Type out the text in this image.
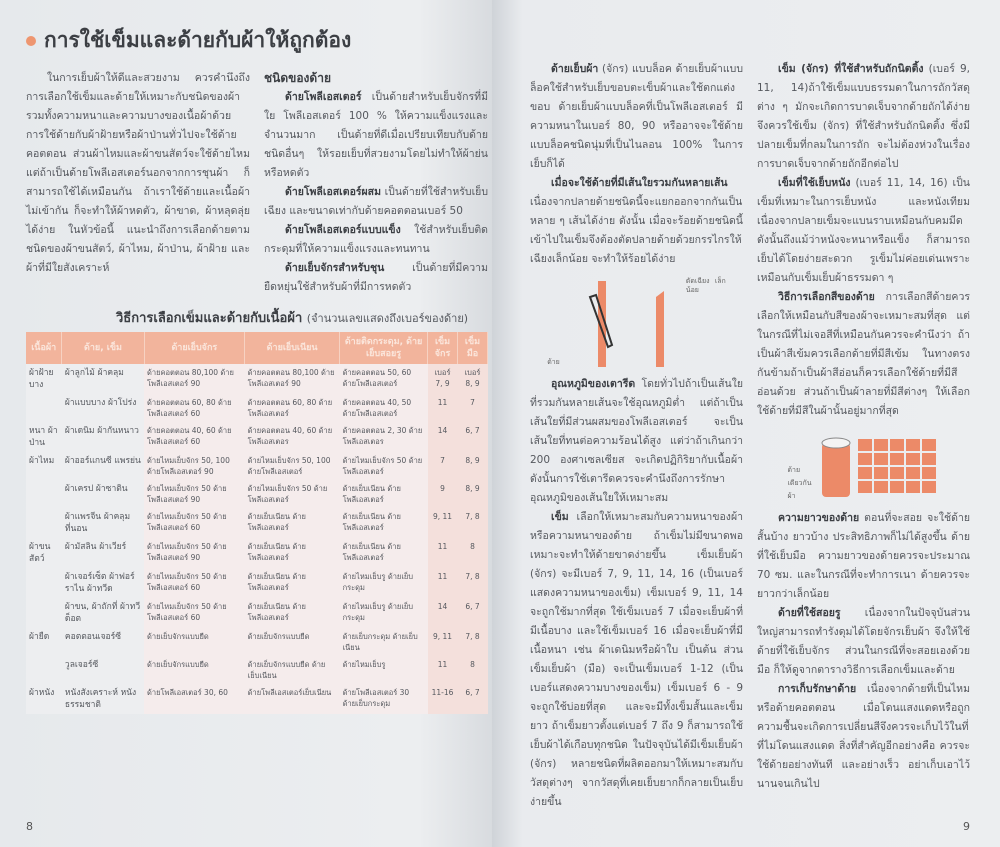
การใช้เข็มและด้ายกับผ้าให้ถูกต้อง

ในการเย็บผ้าให้ดีและสวยงาม ควรคำนึงถึงการเลือกใช้เข็มและด้ายให้เหมาะกับชนิดของผ้า รวมทั้งความหนาและความบางของเนื้อผ้าด้วย การใช้ด้ายกับผ้าฝ้ายหรือผ้าป่านทั่วไปจะใช้ด้ายคอตตอน ส่วนผ้าไหมและผ้าขนสัตว์จะใช้ด้ายไหม แต่ถ้าเป็นด้ายโพลีเอสเตอร์นอกจากการชุนผ้า ก็สามารถใช้ได้เหมือนกัน ถ้าเราใช้ด้ายและเนื้อผ้าไม่เข้ากัน ก็จะทำให้ผ้าหดตัว, ผ้าขาด, ผ้าหลุดลุ่ยได้ง่าย ในหัวข้อนี้ แนะนำถึงการเลือกด้ายตามชนิดของผ้าขนสัตว์, ผ้าไหม, ผ้าป่าน, ผ้าฝ้าย และผ้าที่มีใยสังเคราะห์

ชนิดของด้าย

ด้ายโพลีเอสเตอร์ เป็นด้ายสำหรับเย็บจักรที่มีใย โพลีเอสเตอร์ 100 % ให้ความแข็งแรงและจำนวนมาก เป็นด้ายที่ดีเมื่อเปรียบเทียบกับด้ายชนิดอื่นๆ ให้รอยเย็บที่สวยงามโดยไม่ทำให้ผ้าย่นหรือหดตัว

ด้ายโพลีเอสเตอร์ผสม เป็นด้ายที่ใช้สำหรับเย็บเฉียง และขนาดเท่ากับด้ายคอตตอนเบอร์ 50

ด้ายโพลีเอสเตอร์แบบแข็ง ใช้สำหรับเย็บติดกระดุมที่ให้ความแข็งแรงและทนทาน

ด้ายเย็บจักรสำหรับชุน เป็นด้ายที่มีความยืดหยุ่นใช้สำหรับผ้าที่มีการหดตัว

วิธีการเลือกเข็มและด้ายกับเนื้อผ้า (จำนวนเลขแสดงถึงเบอร์ของด้าย)
เนื้อผ้า	ด้าย, เข็ม	ด้ายเย็บจักร	ด้ายเย็บเนียน	ด้ายติดกระดุม, ด้ายเย็บสอยรู	เข็มจักร	เข็มมือ
ผ้าฝ้ายบาง	ผ้าลูกไม้ ผ้าคลุม	ด้ายคอตตอน 80,100 ด้ายโพลีเอสเตอร์ 90	ด้ายคอตตอน 80,100 ด้ายโพลีเอสเตอร์ 90	ด้ายคอตตอน 50, 60 ด้ายโพลีเอสเตอร์	เบอร์ 7, 9	เบอร์ 8, 9
	ผ้าแบบบาง ผ้าโปร่ง	ด้ายคอตตอน 60, 80 ด้ายโพลีเอสเตอร์ 60	ด้ายคอตตอน 60, 80 ด้ายโพลีเอสเตอร์	ด้ายคอตตอน 40, 50 ด้ายโพลีเอสเตอร์	11	7
หนา ผ้าป่าน	ผ้าเดนิม ผ้ากันหนาว	ด้ายคอตตอน 40, 60 ด้ายโพลีเอสเตอร์ 60	ด้ายคอตตอน 40, 60 ด้ายโพลีเอสเตอร	ด้ายคอตตอน 2, 30 ด้ายโพลีเอสเตอร	14	6, 7
ผ้าไหม	ผ้าออร์แกนซี แพรย่น	ด้ายไหมเย็บจักร 50, 100 ด้ายโพลีเอสเตอร์ 90	ด้ายไหมเย็บจักร 50, 100 ด้ายโพลีเอสเตอร์	ด้ายไหมเย็บจักร 50 ด้ายโพลีเอสเตอร์	7	8, 9
	ผ้าเครป ผ้าซาติน	ด้ายไหมเย็บจักร 50 ด้ายโพลีเอสเตอร์ 90	ด้ายไหมเย็บจักร 50 ด้ายโพลีเอสเตอร์	ด้ายเย็บเนียน ด้ายโพลีเอสเตอร์	9	8, 9
	ผ้าแพรจีน ผ้าคลุมที่นอน	ด้ายไหมเย็บจักร 50 ด้ายโพลีเอสเตอร์ 60	ด้ายเย็บเนียน ด้ายโพลีเอสเตอร์	ด้ายเย็บเนียน ด้ายโพลีเอสเตอร์	9, 11	7, 8
ผ้าขนสัตว์	ผ้ามัสลิน ผ้าเวียร์	ด้ายไหมเย็บจักร 50 ด้ายโพลีเอสเตอร์ 90	ด้ายเย็บเนียน ด้ายโพลีเอสเตอร์	ด้ายเย็บเนียน ด้ายโพลีเอสเตอร์	11	8
	ผ้าเจอร์เซ็ต ผ้าฟอร์ราไน ผ้าทวีด	ด้ายไหมเย็บจักร 50 ด้ายโพลีเอสเตอร์ 60	ด้ายเย็บเนียน ด้ายโพลีเอสเตอร์	ด้ายไหมเย็บรู ด้ายเย็บกระดุม	11	7, 8
	ผ้าขน, ผ้าถักที่ ผ้าทวีด็อต	ด้ายไหมเย็บจักร 50 ด้ายโพลีเอสเตอร์ 60	ด้ายเย็บเนียน ด้ายโพลีเอสเตอร์	ด้ายไหมเย็บรู ด้ายเย็บกระดุม	14	6, 7
ผ้ายืด	คอตตอนเจอร์ซี	ด้ายเย็บจักรแบบยืด	ด้ายเย็บจักรแบบยืด	ด้ายเย็บกระดุม ด้ายเย็บเนียน	9, 11	7, 8
	วูลเจอร์ซี	ด้ายเย็บจักรแบบยืด	ด้ายเย็บจักรแบบยืด ด้ายเย็บเนียน	ด้ายไหมเย็บรู	11	8
ผ้าหนัง	หนังสังเคราะห์ หนังธรรมชาติ	ด้ายโพลีเอสเตอร์ 30, 60	ด้ายโพลีเอสเตอร์เย็บเนียน	ด้ายโพลีเอสเตอร์ 30 ด้ายเย็บกระดุม	11-16	6, 7
8

ด้ายเย็บผ้า (จักร) แบบล็อค ด้ายเย็บผ้าแบบล็อคใช้สำหรับเย็บขอบตะเข็บผ้าและใช้ตกแต่งขอบ ด้ายเย็บผ้าแบบล็อคที่เป็นโพลีเอสเตอร์ มีความหนาในเบอร์ 80, 90 หรืออาจจะใช้ด้ายแบบล็อคชนิดนุ่มที่เป็นไนลอน 100% ในการเย็บก็ได้

เมื่อจะใช้ด้ายที่มีเส้นใยรวมกันหลายเส้น เนื่องจากปลายด้ายชนิดนี้จะแยกออกจากกันเป็นหลาย ๆ เส้นได้ง่าย ดังนั้น เมื่อจะร้อยด้ายชนิดนี้เข้าไปในเข็มจึงต้องตัดปลายด้ายด้วยกรรไกรให้เฉียงเล็กน้อย จะทำให้ร้อยได้ง่าย

ด้าย
ตัดเฉียง เล็กน้อย

อุณหภูมิของเตารีด โดยทั่วไปถ้าเป็นเส้นใยที่รวมกันหลายเส้นจะใช้อุณหภูมิต่ำ แต่ถ้าเป็นเส้นใยที่มีส่วนผสมของโพลีเอสเตอร์ จะเป็นเส้นใยที่ทนต่อความร้อนได้สูง แต่ว่าถ้าเกินกว่า 200 องศาเซลเซียส จะเกิดปฏิกิริยากับเนื้อผ้า ดังนั้นการใช้เตารีดควรจะคำนึงถึงการรักษาอุณหภูมิของเส้นใยให้เหมาะสม

เข็ม เลือกให้เหมาะสมกับความหนาของผ้าหรือความหนาของด้าย ถ้าเข็มไม่มีขนาดพอเหมาะจะทำให้ด้ายขาดง่ายขึ้น เข็มเย็บผ้า (จักร) จะมีเบอร์ 7, 9, 11, 14, 16 (เป็นเบอร์แสดงความหนาของเข็ม) เข็มเบอร์ 9, 11, 14 จะถูกใช้มากที่สุด ใช้เข็มเบอร์ 7 เมื่อจะเย็บผ้าที่มีเนื้อบาง และใช้เข็มเบอร์ 16 เมื่อจะเย็บผ้าที่มีเนื้อหนา เช่น ผ้าเดนิมหรือผ้าใบ เป็นต้น ส่วนเข็มเย็บผ้า (มือ) จะเป็นเข็มเบอร์ 1-12 (เป็นเบอร์แสดงความบางของเข็ม) เข็มเบอร์ 6 - 9 จะถูกใช้บ่อยที่สุด และจะมีทั้งเข็มสั้นและเข็มยาว ถ้าเข็มยาวตั้งแต่เบอร์ 7 ถึง 9 ก็สามารถใช้เย็บผ้าได้เกือบทุกชนิด ในปัจจุบันได้มีเข็มเย็บผ้า (จักร) หลายชนิดที่ผลิตออกมาให้เหมาะสมกับวัสดุต่างๆ จากวัสดุที่เคยเย็บยากก็กลายเป็นเย็บง่ายขึ้น

เข็ม (จักร) ที่ใช้สำหรับถักนิตติ้ง (เบอร์ 9, 11, 14)ถ้าใช้เข็มแบบธรรมดาในการถักวัสดุต่าง ๆ มักจะเกิดการบาดเจ็บจากด้ายถักได้ง่าย จึงควรใช้เข็ม (จักร) ที่ใช้สำหรับถักนิตติ้ง ซึ่งมีปลายเข็มที่กลมในการถัก จะไม่ต้องห่วงในเรื่องการบาดเจ็บจากด้ายถักอีกต่อไป

เข็มที่ใช้เย็บหนัง (เบอร์ 11, 14, 16) เป็นเข็มที่เหมาะในการเย็บหนัง และหนังเทียม เนื่องจากปลายเข็มจะแบนราบเหมือนกับคมมีด ดังนั้นถึงแม้ว่าหนังจะหนาหรือแข็ง ก็สามารถเย็บได้โดยง่ายสะดวก รูเข็มไม่ค่อยเด่นเพราะเหมือนกับเข็มเย็บผ้าธรรมดา ๆ

วิธีการเลือกสีของด้าย การเลือกสีด้ายควรเลือกให้เหมือนกับสีของผ้าจะเหมาะสมที่สุด แต่ในกรณีที่ไม่เจอสีที่เหมือนกันควรจะคำนึงว่า ถ้าเป็นผ้าสีเข้มควรเลือกด้ายที่มีสีเข้ม ในทางตรงกันข้ามถ้าเป็นผ้าสีอ่อนก็ควรเลือกใช้ด้ายที่มีสีอ่อนด้วย ส่วนถ้าเป็นผ้าลายที่มีสีต่างๆ ให้เลือกใช้ด้ายที่มีสีในผ้านั้นอยู่มากที่สุด

ด้าย
เดียวกัน
ผ้า

ความยาวของด้าย ตอนที่จะสอย จะใช้ด้ายสั้นบ้าง ยาวบ้าง ประสิทธิภาพก็ไม่ได้สูงขึ้น ด้ายที่ใช้เย็บมือ ความยาวของด้ายควรจะประมาณ 70 ซม. และในกรณีที่จะทำการเนา ด้ายควรจะยาวกว่าเล็กน้อย

ด้ายที่ใช้สอยรู เนื่องจากในปัจจุบันส่วนใหญ่สามารถทำรังดุมได้โดยจักรเย็บผ้า จึงให้ใช้ด้ายที่ใช้เย็บจักร ส่วนในกรณีที่จะสอยเองด้วยมือ ก็ให้ดูจากตารางวิธีการเลือกเข็มและด้าย

การเก็บรักษาด้าย เนื่องจากด้ายที่เป็นไหม หรือด้ายคอตตอน เมื่อโดนแสงแดดหรือถูกความชื้นจะเกิดการเปลี่ยนสีจึงควรจะเก็บไว้ในที่ที่ไม่โดนแสงแดด สิ่งที่สำคัญอีกอย่างคือ ควรจะใช้ด้ายอย่างทันที และอย่างเร็ว อย่าเก็บเอาไว้นานจนเกินไป

9
